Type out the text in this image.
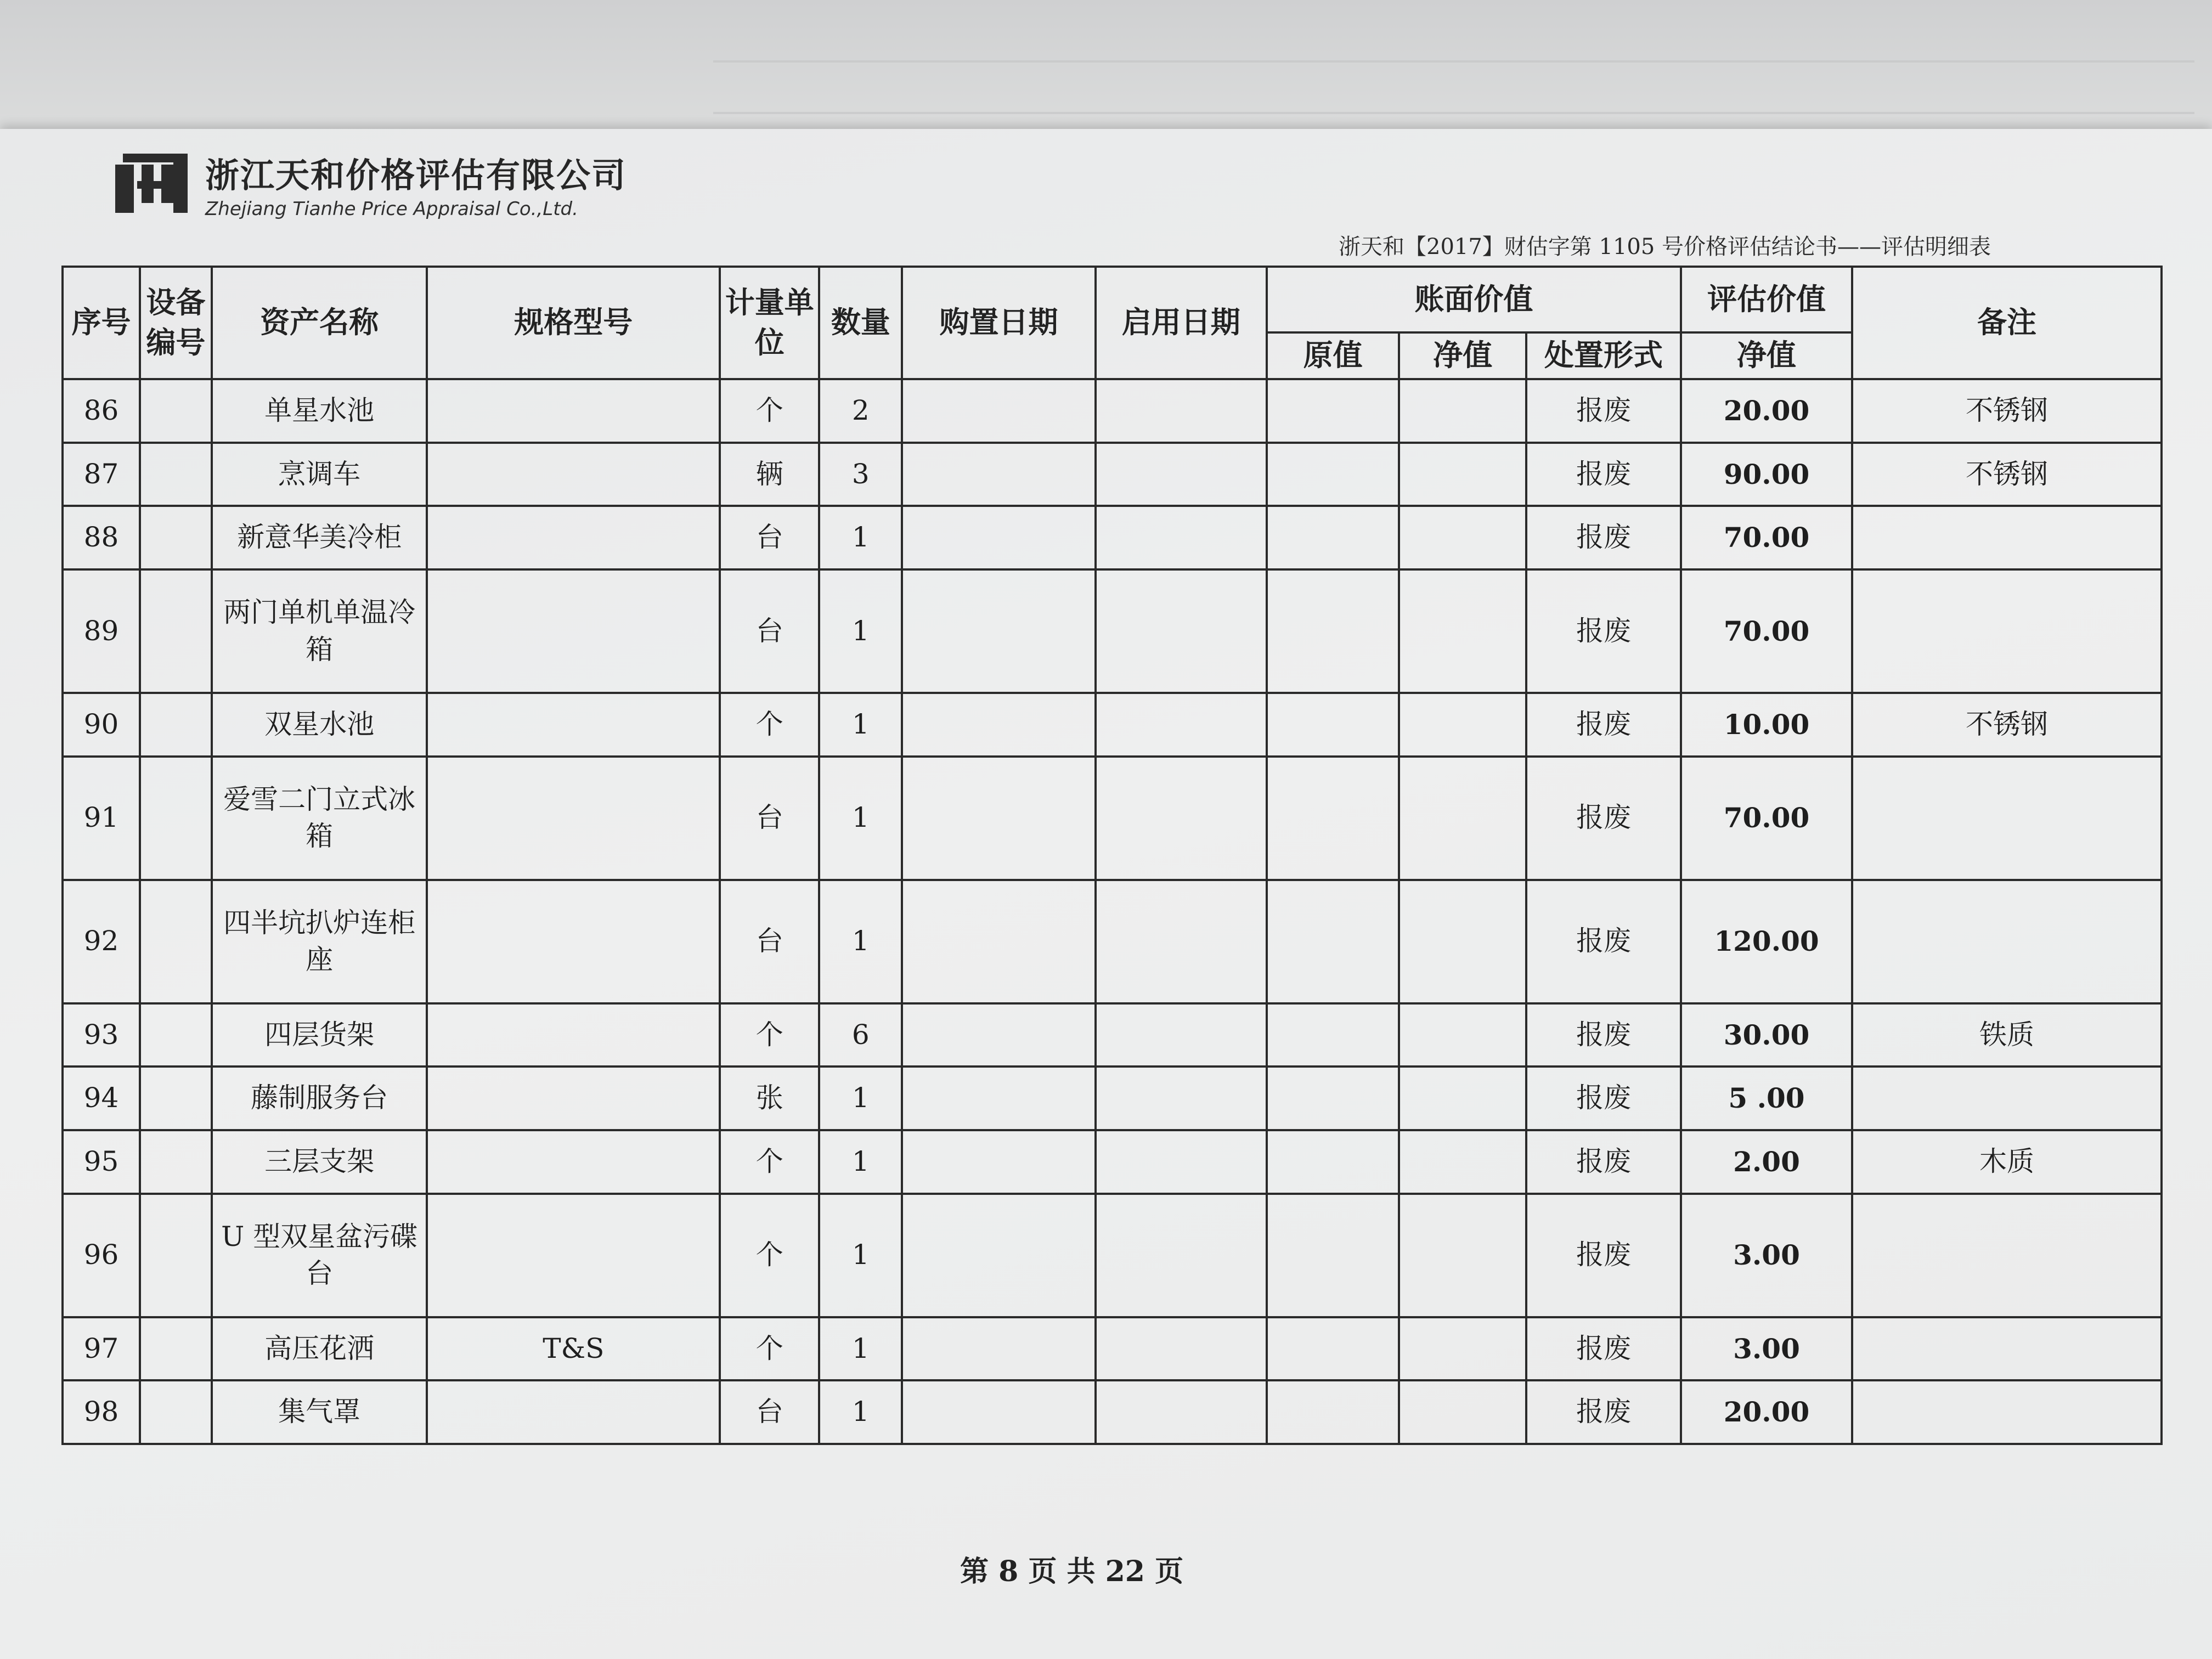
浙江天和价格评估有限公司
Zhejiang Tianhe Price Appraisal Co.,Ltd.
浙天和【2017】财估字第 1105 号价格评估结论书——评估明细表
序号	设备编号	资产名称	规格型号	计量单位	数量	购置日期	启用日期	账面价值			评估价值	备注
								原值	净值	处置形式	净值	
86		单星水池		个	2					报废	20.00	不锈钢
87		烹调车		辆	3					报废	90.00	不锈钢
88		新意华美冷柜		台	1					报废	70.00	
89		两门单机单温冷箱		台	1					报废	70.00	
90		双星水池		个	1					报废	10.00	不锈钢
91		爱雪二门立式冰箱		台	1					报废	70.00	
92		四半坑扒炉连柜座		台	1					报废	120.00	
93		四层货架		个	6					报废	30.00	铁质
94		藤制服务台		张	1					报废	5 .00	
95		三层支架		个	1					报废	2.00	木质
96		U 型双星盆污碟台		个	1					报废	3.00	
97		高压花洒	T&S	个	1					报废	3.00	
98		集气罩		台	1					报废	20.00	
第 8 页 共 22 页
